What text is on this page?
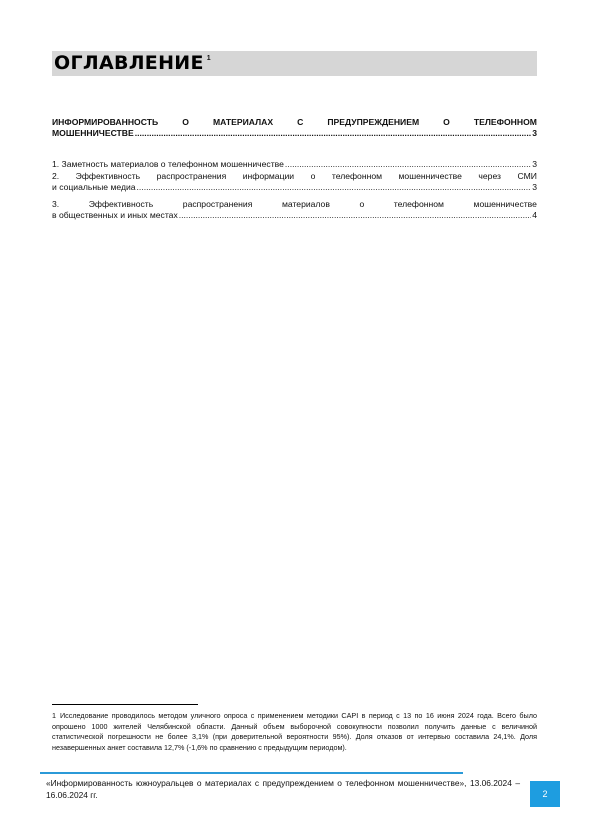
ОГЛАВЛЕНИЕ $^1$
ИНФОРМИРОВАННОСТЬ	О	МАТЕРИАЛАХ	С	ПРЕДУПРЕЖДЕНИЕМ	О	ТЕЛЕФОННОМ
МОШЕННИЧЕСТВЕ .....	3
1. Заметность материалов о телефонном мошенничестве .....	3
2. Эффективность распространения информации о телефонном мошенничестве через СМИ
и социальные медиа .....	3
3.	Эффективность	распространения	материалов	о	телефонном	мошенничестве
в общественных и иных местах .....	4
1 Исследование проводилось методом уличного опроса с применением методики CAPI в период с 13 по 16 июня 2024 года. Всего было опрошено 1000 жителей Челябинской области. Данный объем выборочной совокупности позволил получить данные с величиной статистической погрешности не более 3,1% (при доверительной вероятности 95%). Доля отказов от интервью составила 24,1%. Доля незавершенных анкет составила 12,7% (-1,6% по сравнению с предыдущим периодом).
«Информированность южноуральцев о материалах с предупреждением о телефонном мошенничестве», 13.06.2024 – 16.06.2024 гг.	2
